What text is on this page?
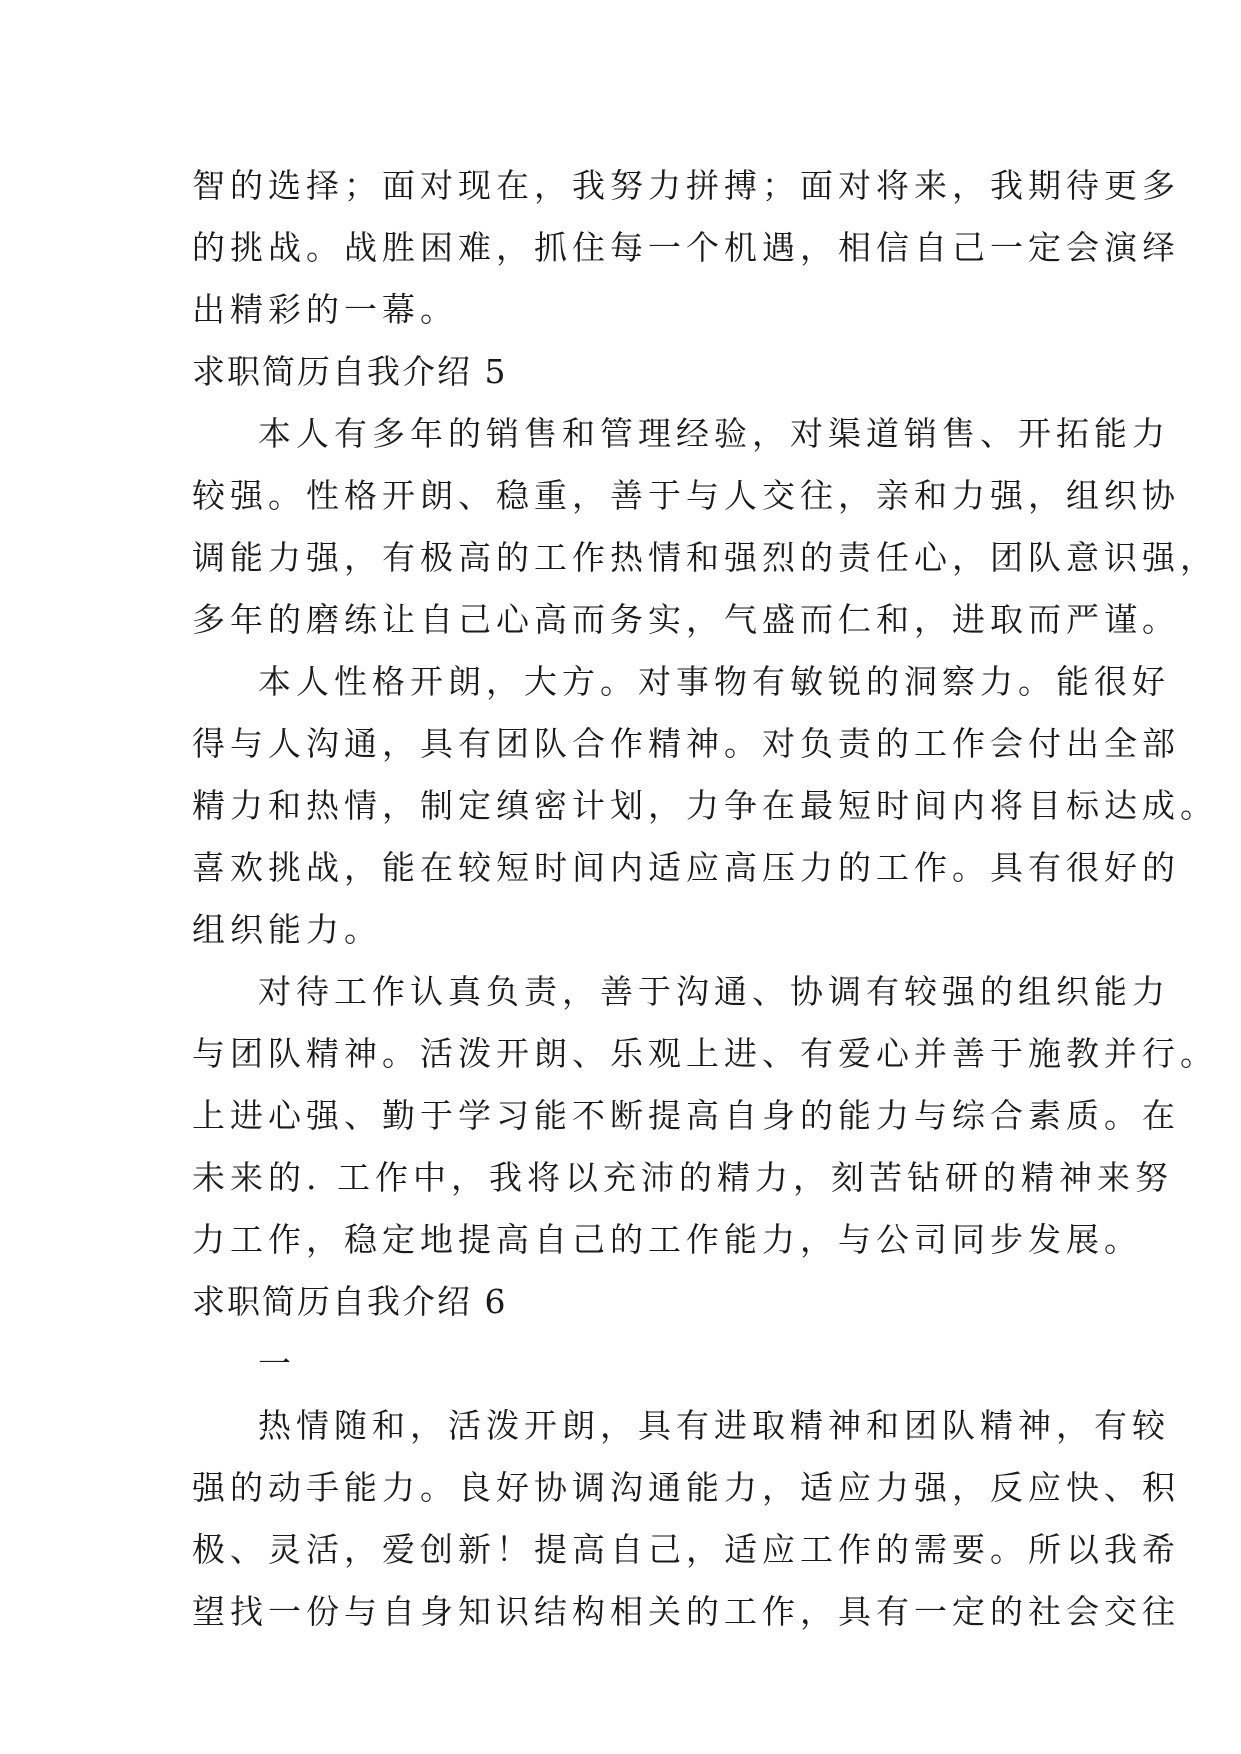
智的选择；面对现在，我努力拼搏；面对将来，我期待更多
的挑战。战胜困难，抓住每一个机遇，相信自己一定会演绎
出精彩的一幕。
求职简历自我介绍 5
本人有多年的销售和管理经验，对渠道销售、开拓能力
较强。性格开朗、稳重，善于与人交往，亲和力强，组织协
调能力强，有极高的工作热情和强烈的责任心，团队意识强，
多年的磨练让自己心高而务实，气盛而仁和，进取而严谨。
本人性格开朗，大方。对事物有敏锐的洞察力。能很好
得与人沟通，具有团队合作精神。对负责的工作会付出全部
精力和热情，制定缜密计划，力争在最短时间内将目标达成。
喜欢挑战，能在较短时间内适应高压力的工作。具有很好的
组织能力。
对待工作认真负责，善于沟通、协调有较强的组织能力
与团队精神。活泼开朗、乐观上进、有爱心并善于施教并行。
上进心强、勤于学习能不断提高自身的能力与综合素质。在
未来的. 工作中，我将以充沛的精力，刻苦钻研的精神来努
力工作，稳定地提高自己的工作能力，与公司同步发展。
求职简历自我介绍 6
一
热情随和，活泼开朗，具有进取精神和团队精神，有较
强的动手能力。良好协调沟通能力，适应力强，反应快、积
极、灵活，爱创新！提高自己，适应工作的需要。所以我希
望找一份与自身知识结构相关的工作，具有一定的社会交往
